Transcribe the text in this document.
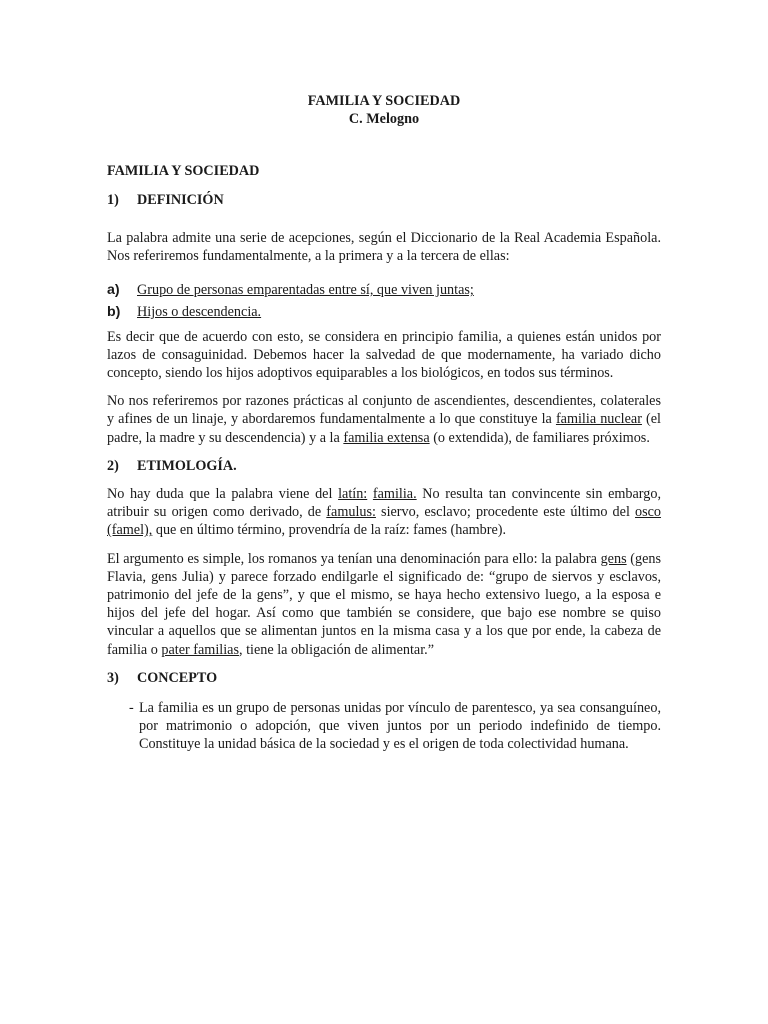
FAMILIA Y SOCIEDAD
C. Melogno
FAMILIA Y SOCIEDAD
1)	DEFINICIÓN

La palabra admite una serie de acepciones, según el Diccionario de la Real Academia Española. Nos referiremos fundamentalmente, a la primera y a la tercera de ellas:

a)	Grupo de personas emparentadas entre sí, que viven juntas;
b)	Hijos o descendencia.

Es decir que de acuerdo con esto, se considera en principio familia, a quienes están unidos por lazos de consaguinidad. Debemos hacer la salvedad de que modernamente, ha variado dicho concepto, siendo los hijos adoptivos equiparables a los biológicos, en todos sus términos.

No nos referiremos por razones prácticas al conjunto de ascendientes, descendientes, colaterales y afines de un linaje, y abordaremos fundamentalmente a lo que constituye la familia nuclear (el padre, la madre y su descendencia) y a la familia extensa (o extendida), de familiares próximos.

2)	ETIMOLOGÍA.

No hay duda que la palabra viene del latín: familia. No resulta tan convincente sin embargo, atribuir su origen como derivado, de famulus: siervo, esclavo; procedente este último del osco (famel), que en último término, provendría de la raíz: fames (hambre).

El argumento es simple, los romanos ya tenían una denominación para ello: la palabra gens (gens Flavia, gens Julia) y parece forzado endilgarle el significado de: “grupo de siervos y esclavos, patrimonio del jefe de la gens”, y que el mismo, se haya hecho extensivo luego, a la esposa e hijos del jefe del hogar. Así como que también se considere, que bajo ese nombre se quiso vincular a aquellos que se alimentan juntos en la misma casa y a los que por ende, la cabeza de familia o pater familias, tiene la obligación de alimentar.”

3)	CONCEPTO
- La familia es un grupo de personas unidas por vínculo de parentesco, ya sea consanguíneo, por matrimonio o adopción, que viven juntos por un periodo indefinido de tiempo. Constituye la unidad básica de la sociedad y es el origen de toda colectividad humana.
